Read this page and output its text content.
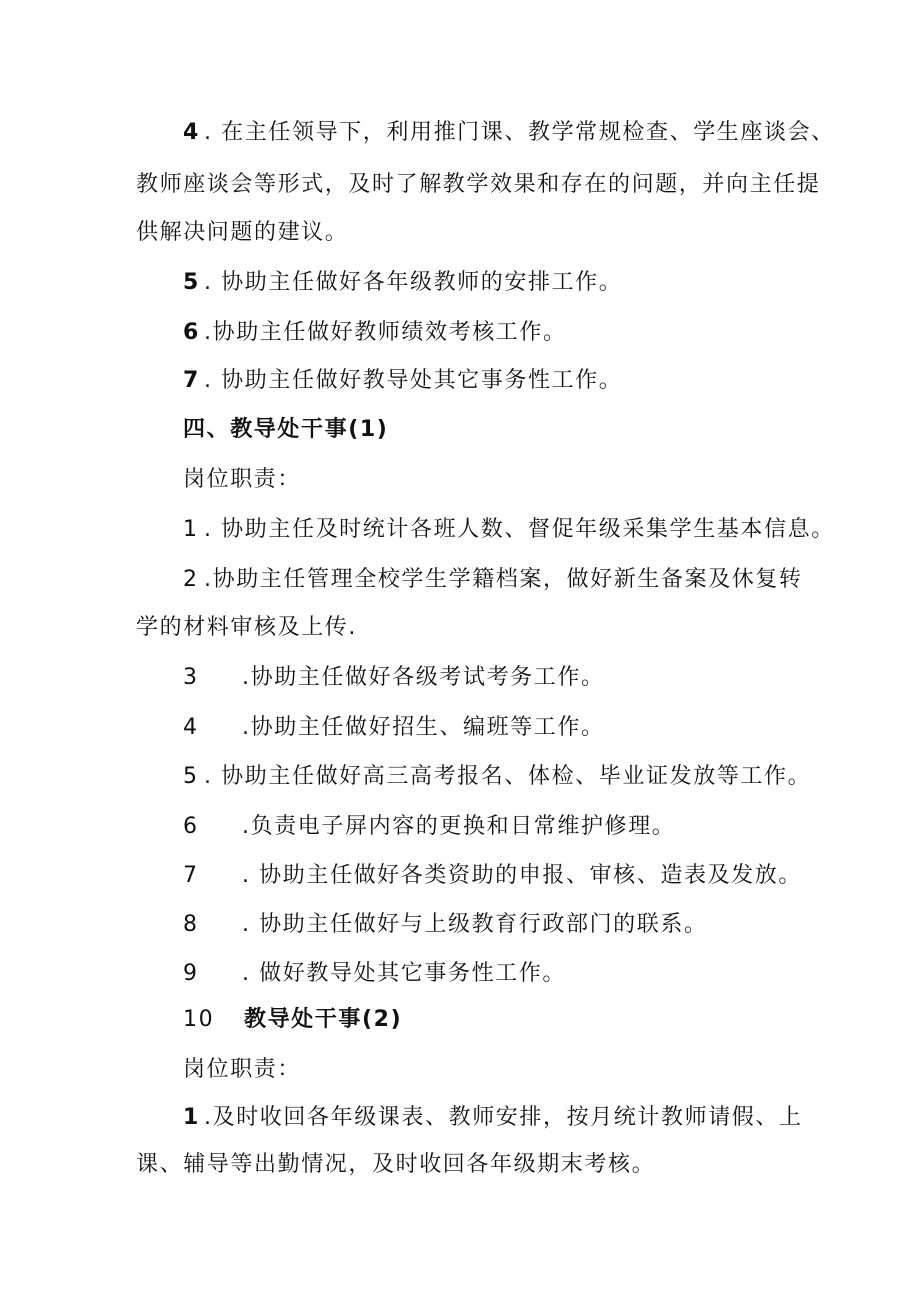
4 . 在主任领导下，利用推门课、教学常规检查、学生座谈会、
教师座谈会等形式，及时了解教学效果和存在的问题，并向主任提
供解决问题的建议。
5 . 协助主任做好各年级教师的安排工作。
6 .协助主任做好教师绩效考核工作。
7 . 协助主任做好教导处其它事务性工作。
四、教导处干事(1)
岗位职责：
1 . 协助主任及时统计各班人数、督促年级采集学生基本信息。
2 .协助主任管理全校学生学籍档案，做好新生备案及休复转
学的材料审核及上传.
3 .协助主任做好各级考试考务工作。
4 .协助主任做好招生、编班等工作。
5 . 协助主任做好高三高考报名、体检、毕业证发放等工作。
6 .负责电子屏内容的更换和日常维护修理。
7 . 协助主任做好各类资助的申报、审核、造表及发放。
8 . 协助主任做好与上级教育行政部门的联系。
9 . 做好教导处其它事务性工作。
10 教导处干事(2)
岗位职责：
1 .及时收回各年级课表、教师安排，按月统计教师请假、上
课、辅导等出勤情况，及时收回各年级期末考核。
